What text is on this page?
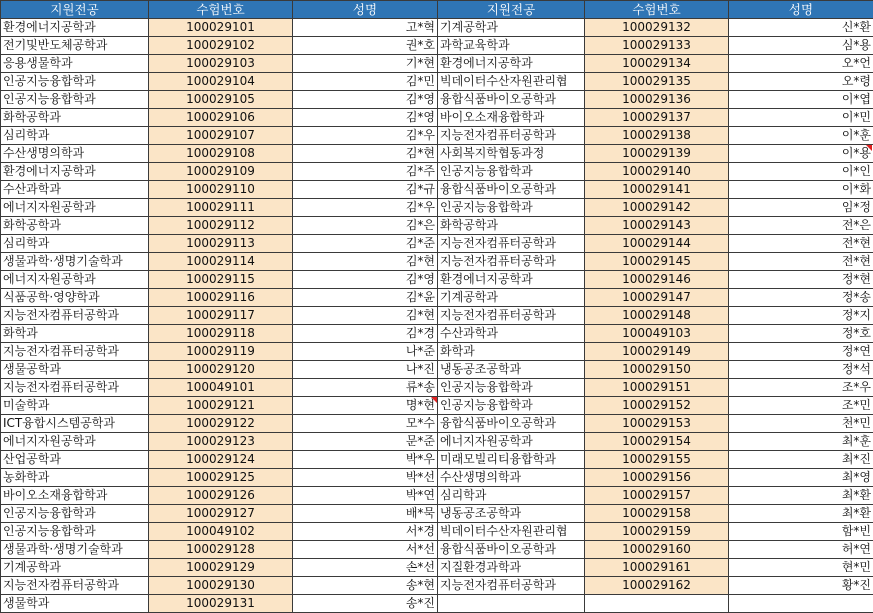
지원전공	수험번호	성명	지원전공	수험번호	성명
환경에너지공학과	100029101	고*혁	기계공학과	100029132	신*환
전기및반도체공학과	100029102	권*호	과학교육학과	100029133	심*용
응용생물학과	100029103	기*현	환경에너지공학과	100029134	오*언
인공지능융합학과	100029104	김*민	빅데이터수산자원관리협	100029135	오*령
인공지능융합학과	100029105	김*영	융합식품바이오공학과	100029136	이*엽
화학공학과	100029106	김*영	바이오소재융합학과	100029137	이*민
심리학과	100029107	김*우	지능전자컴퓨터공학과	100029138	이*훈
수산생명의학과	100029108	김*현	사회복지학협동과정	100029139	이*용
환경에너지공학과	100029109	김*주	인공지능융합학과	100029140	이*인
수산과학과	100029110	김*규	융합식품바이오공학과	100029141	이*화
에너지자원공학과	100029111	김*우	인공지능융합학과	100029142	임*정
화학공학과	100029112	김*은	화학공학과	100029143	전*은
심리학과	100029113	김*준	지능전자컴퓨터공학과	100029144	전*현
생물과학·생명기술학과	100029114	김*현	지능전자컴퓨터공학과	100029145	전*현
에너지자원공학과	100029115	김*영	환경에너지공학과	100029146	정*현
식품공학·영양학과	100029116	김*윤	기계공학과	100029147	정*송
지능전자컴퓨터공학과	100029117	김*현	지능전자컴퓨터공학과	100029148	정*지
화학과	100029118	김*경	수산과학과	100049103	정*호
지능전자컴퓨터공학과	100029119	나*준	화학과	100029149	정*연
생물공학과	100029120	나*진	냉동공조공학과	100029150	정*석
지능전자컴퓨터공학과	100049101	류*송	인공지능융합학과	100029151	조*우
미술학과	100029121	명*현	인공지능융합학과	100029152	조*민
ICT융합시스템공학과	100029122	모*수	융합식품바이오공학과	100029153	천*민
에너지자원공학과	100029123	문*준	에너지자원공학과	100029154	최*훈
산업공학과	100029124	박*우	미래모빌리티융합학과	100029155	최*진
농화학과	100029125	박*선	수산생명의학과	100029156	최*영
바이오소재융합학과	100029126	박*연	심리학과	100029157	최*환
인공지능융합학과	100029127	배*묵	냉동공조공학과	100029158	최*환
인공지능융합학과	100049102	서*경	빅데이터수산자원관리협	100029159	함*빈
생물과학·생명기술학과	100029128	서*선	융합식품바이오공학과	100029160	허*연
기계공학과	100029129	손*선	지질환경과학과	100029161	현*민
지능전자컴퓨터공학과	100029130	송*현	지능전자컴퓨터공학과	100029162	황*진
생물학과	100029131	송*진			
